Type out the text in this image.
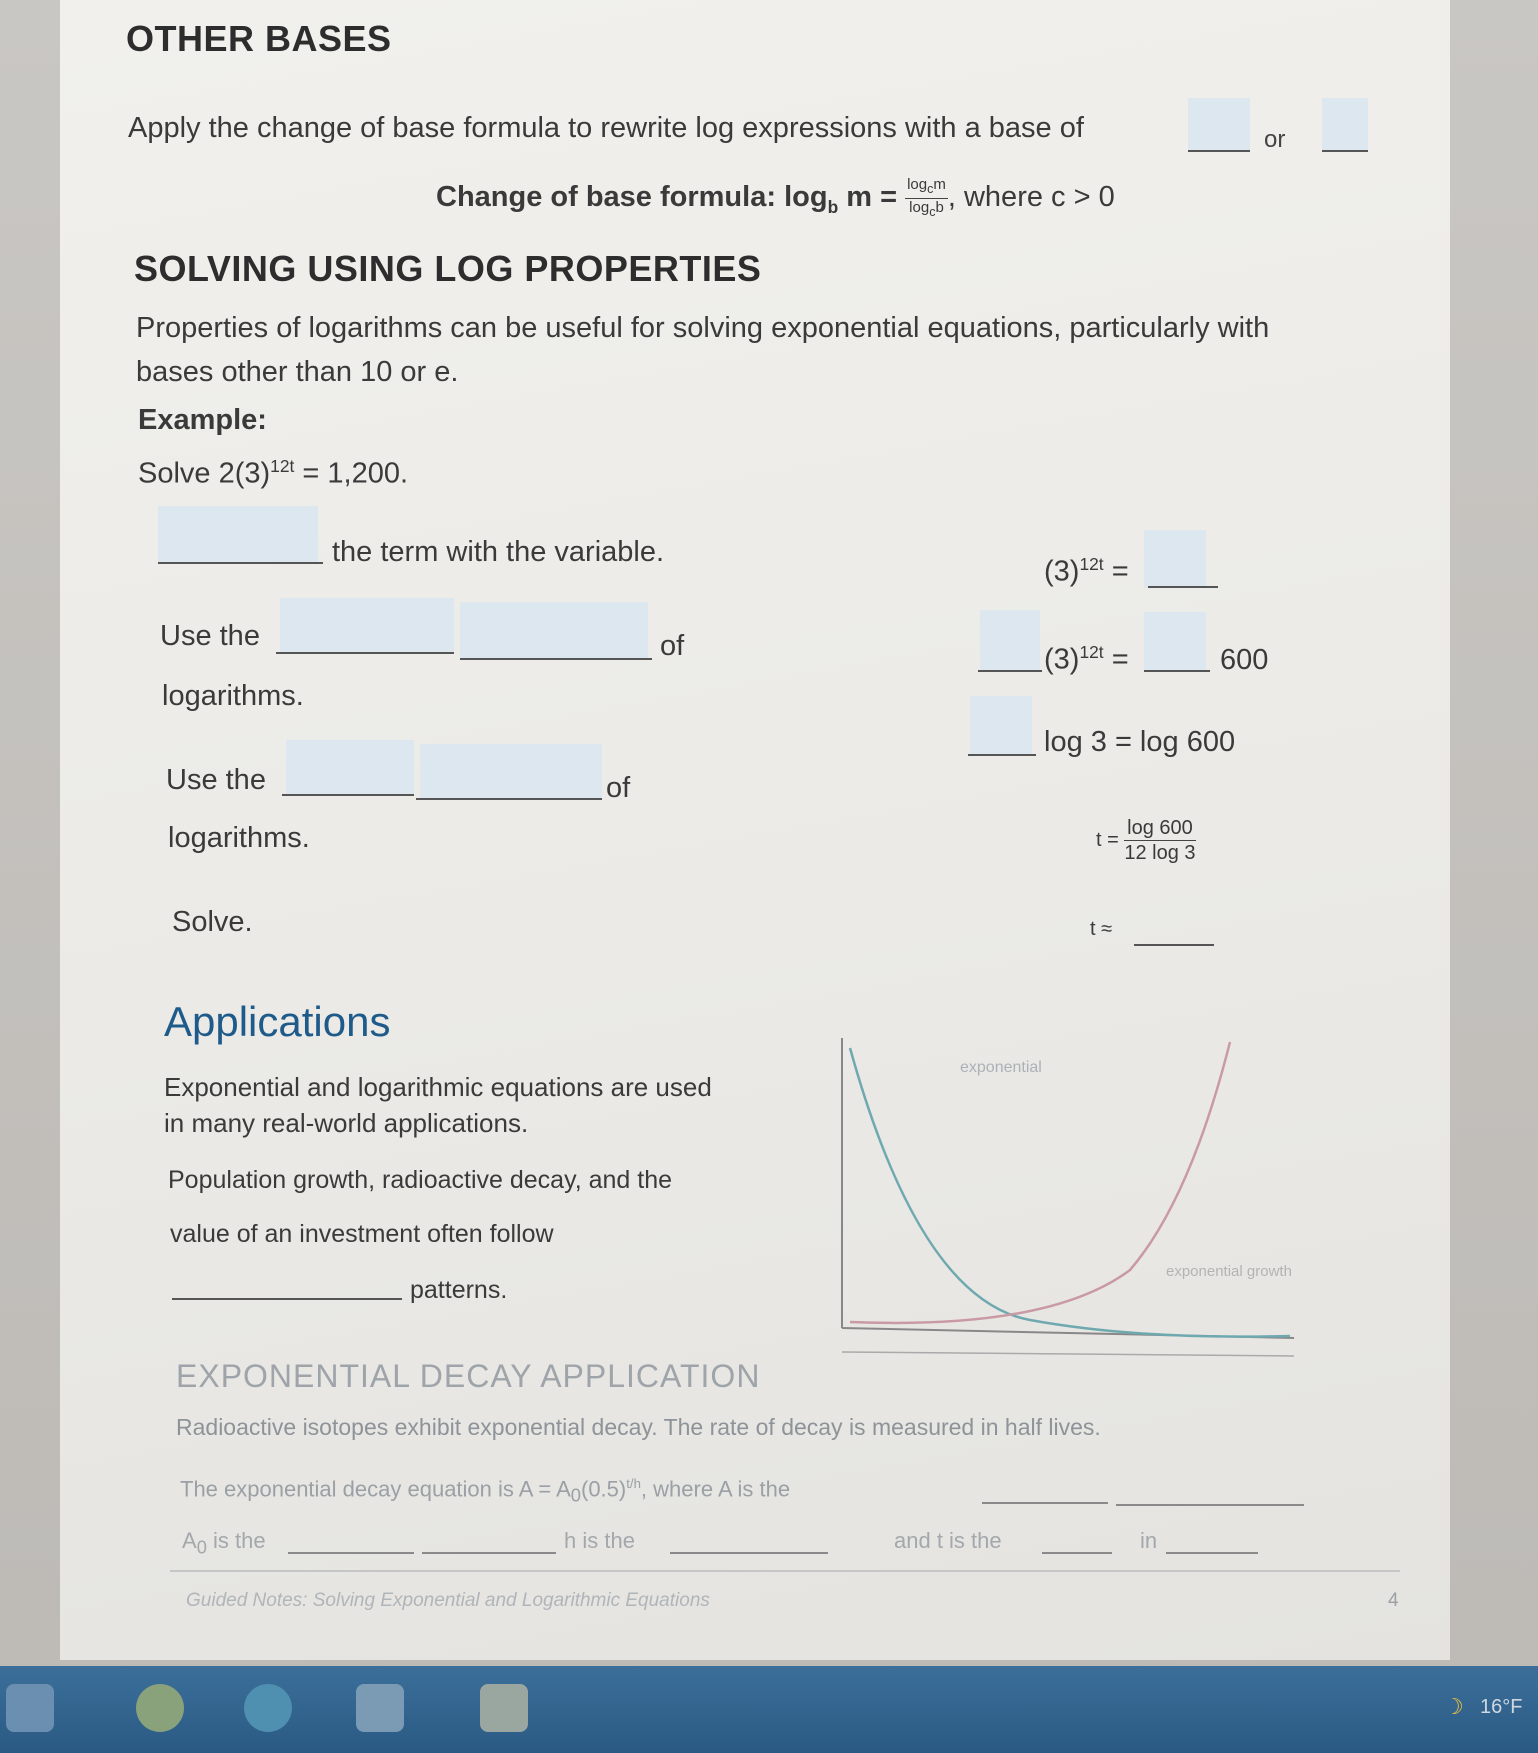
OTHER BASES
Apply the change of base formula to rewrite log expressions with a base of	or
Change of base formula: $\log_b m = \frac{\log_cm}{\log_cb}$, where c > 0
SOLVING USING LOG PROPERTIES
Properties of logarithms can be useful for solving exponential equations, particularly with
bases other than 10 or e.
Example:
Solve $2(3)^{12t} = 1,200$.
the term with the variable.
Use the	of
logarithms.
Use the	of
logarithms.
Solve.
$(3)^{12t}$ =
$(3)^{12t}$ =	600
log 3 = log 600
$t = \frac{\log 600}{12 \log 3}$
t ≈
Applications
Exponential and logarithmic equations are used
in many real-world applications.
Population growth, radioactive decay, and the
value of an investment often follow
patterns.
exponential
exponential growth
EXPONENTIAL DECAY APPLICATION
Radioactive isotopes exhibit exponential decay. The rate of decay is measured in half lives.
The exponential decay equation is $A = A_0(0.5)^{t/h}$, where A is the
$A_0$ is the	h is the	and t is the	in
Guided Notes: Solving Exponential and Logarithmic Equations	4
☽ 16°F
